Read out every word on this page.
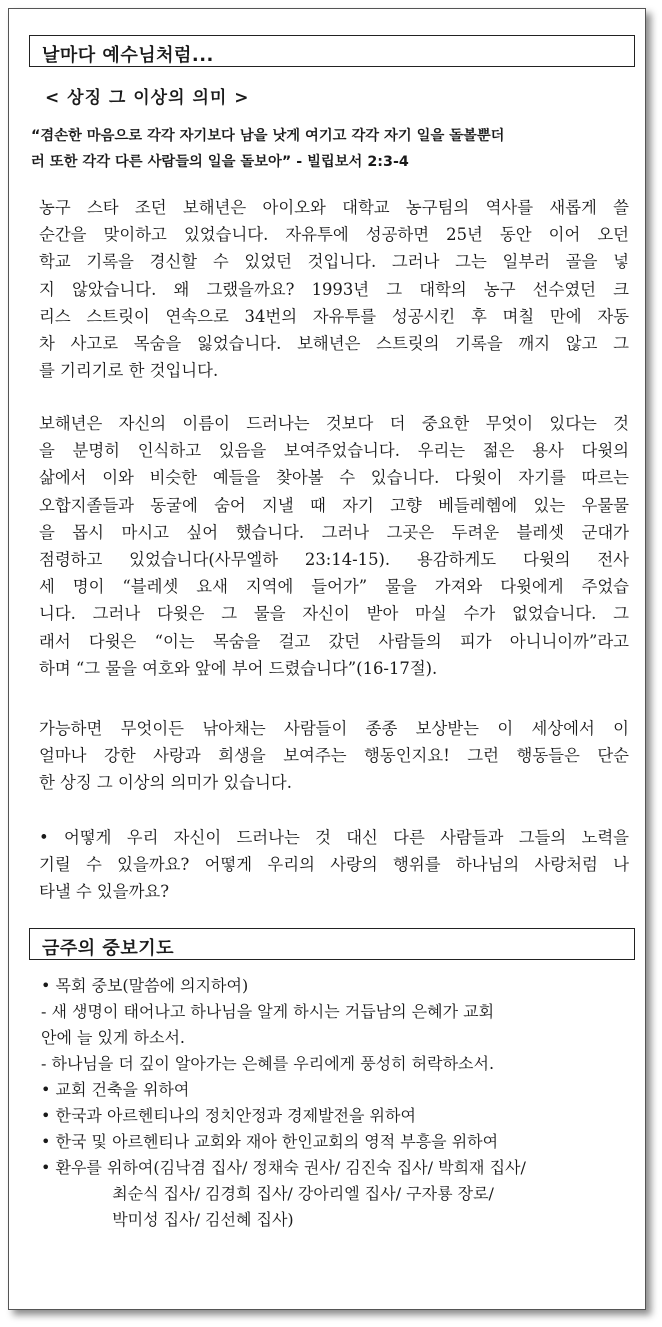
날마다 예수님처럼...
< 상징 그 이상의 의미 >
“겸손한 마음으로 각각 자기보다 남을 낫게 여기고 각각 자기 일을 돌볼뿐더
러 또한 각각 다른 사람들의 일을 돌보아” - 빌립보서 2:3-4
농구 스타 조던 보해년은 아이오와 대학교 농구팀의 역사를 새롭게 쓸
순간을 맞이하고 있었습니다. 자유투에 성공하면 25년 동안 이어 오던
학교 기록을 경신할 수 있었던 것입니다. 그러나 그는 일부러 골을 넣
지 않았습니다. 왜 그랬을까요? 1993년 그 대학의 농구 선수였던 크
리스 스트릿이 연속으로 34번의 자유투를 성공시킨 후 며칠 만에 자동
차 사고로 목숨을 잃었습니다. 보해년은 스트릿의 기록을 깨지 않고 그
를 기리기로 한 것입니다.
보해년은 자신의 이름이 드러나는 것보다 더 중요한 무엇이 있다는 것
을 분명히 인식하고 있음을 보여주었습니다. 우리는 젊은 용사 다윗의
삶에서 이와 비슷한 예들을 찾아볼 수 있습니다. 다윗이 자기를 따르는
오합지졸들과 동굴에 숨어 지낼 때 자기 고향 베들레헴에 있는 우물물
을 몹시 마시고 싶어 했습니다. 그러나 그곳은 두려운 블레셋 군대가
점령하고 있었습니다(사무엘하 23:14-15). 용감하게도 다윗의 전사
세 명이 “블레셋 요새 지역에 들어가” 물을 가져와 다윗에게 주었습
니다. 그러나 다윗은 그 물을 자신이 받아 마실 수가 없었습니다. 그
래서 다윗은 “이는 목숨을 걸고 갔던 사람들의 피가 아니니이까”라고
하며 “그 물을 여호와 앞에 부어 드렸습니다”(16-17절).
가능하면 무엇이든 낚아채는 사람들이 종종 보상받는 이 세상에서 이
얼마나 강한 사랑과 희생을 보여주는 행동인지요! 그런 행동들은 단순
한 상징 그 이상의 의미가 있습니다.
• 어떻게 우리 자신이 드러나는 것 대신 다른 사람들과 그들의 노력을
기릴 수 있을까요? 어떻게 우리의 사랑의 행위를 하나님의 사랑처럼 나
타낼 수 있을까요?
금주의 중보기도
• 목회 중보(말씀에 의지하여)
- 새 생명이 태어나고 하나님을 알게 하시는 거듭남의 은혜가 교회
안에 늘 있게 하소서.
- 하나님을 더 깊이 알아가는 은혜를 우리에게 풍성히 허락하소서.
• 교회 건축을 위하여
• 한국과 아르헨티나의 정치안정과 경제발전을 위하여
• 한국 및 아르헨티나 교회와 재아 한인교회의 영적 부흥을 위하여
• 환우를 위하여(김낙겸 집사/ 정채숙 권사/ 김진숙 집사/ 박희재 집사/
최순식 집사/ 김경희 집사/ 강아리엘 집사/ 구자룡 장로/
박미성 집사/ 김선혜 집사)
